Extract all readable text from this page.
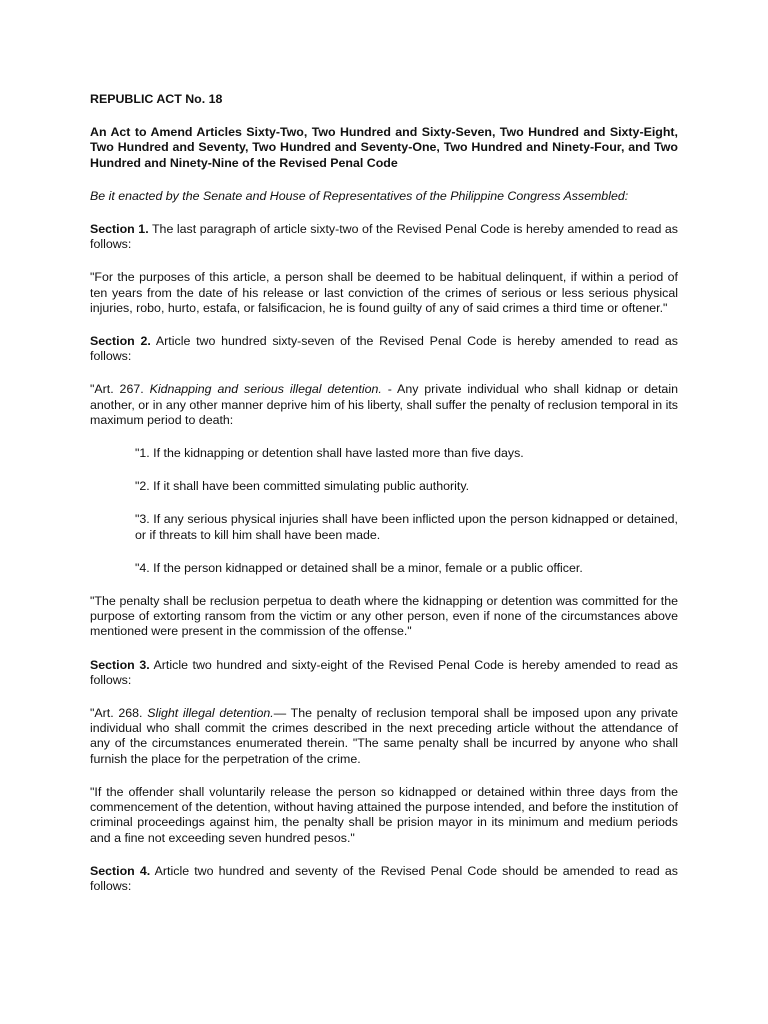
REPUBLIC ACT No. 18

An Act to Amend Articles Sixty-Two, Two Hundred and Sixty-Seven, Two Hundred and Sixty-Eight, Two Hundred and Seventy, Two Hundred and Seventy-One, Two Hundred and Ninety-Four, and Two Hundred and Ninety-Nine of the Revised Penal Code

Be it enacted by the Senate and House of Representatives of the Philippine Congress Assembled:

Section 1. The last paragraph of article sixty-two of the Revised Penal Code is hereby amended to read as follows:

"For the purposes of this article, a person shall be deemed to be habitual delinquent, if within a period of ten years from the date of his release or last conviction of the crimes of serious or less serious physical injuries, robo, hurto, estafa, or falsificacion, he is found guilty of any of said crimes a third time or oftener."

Section 2. Article two hundred sixty-seven of the Revised Penal Code is hereby amended to read as follows:

"Art. 267. Kidnapping and serious illegal detention. - Any private individual who shall kidnap or detain another, or in any other manner deprive him of his liberty, shall suffer the penalty of reclusion temporal in its maximum period to death:

"1. If the kidnapping or detention shall have lasted more than five days.

"2. If it shall have been committed simulating public authority.

"3. If any serious physical injuries shall have been inflicted upon the person kidnapped or detained, or if threats to kill him shall have been made.

"4. If the person kidnapped or detained shall be a minor, female or a public officer.

"The penalty shall be reclusion perpetua to death where the kidnapping or detention was committed for the purpose of extorting ransom from the victim or any other person, even if none of the circumstances above mentioned were present in the commission of the offense."

Section 3. Article two hundred and sixty-eight of the Revised Penal Code is hereby amended to read as follows:

"Art. 268. Slight illegal detention.— The penalty of reclusion temporal shall be imposed upon any private individual who shall commit the crimes described in the next preceding article without the attendance of any of the circumstances enumerated therein. "The same penalty shall be incurred by anyone who shall furnish the place for the perpetration of the crime.

"If the offender shall voluntarily release the person so kidnapped or detained within three days from the commencement of the detention, without having attained the purpose intended, and before the institution of criminal proceedings against him, the penalty shall be prision mayor in its minimum and medium periods and a fine not exceeding seven hundred pesos."

Section 4. Article two hundred and seventy of the Revised Penal Code should be amended to read as follows:
